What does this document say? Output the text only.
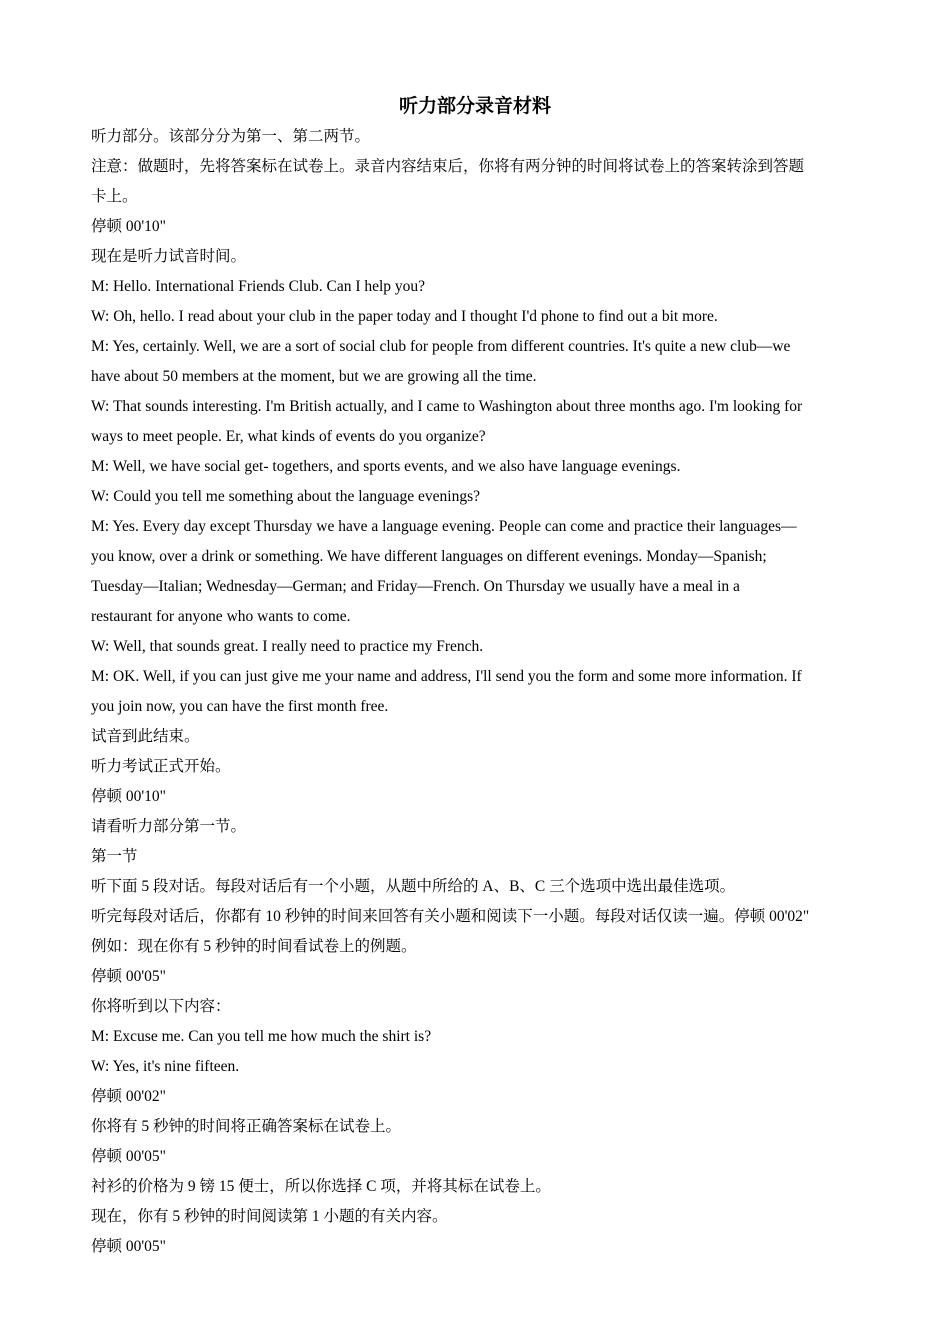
听力部分录音材料
听力部分。该部分分为第一、第二两节。
注意：做题时，先将答案标在试卷上。录音内容结束后，你将有两分钟的时间将试卷上的答案转涂到答题
卡上。
停顿 00'10"
现在是听力试音时间。
M: Hello. International Friends Club. Can I help you?
W: Oh, hello. I read about your club in the paper today and I thought I'd phone to find out a bit more.
M: Yes, certainly. Well, we are a sort of social club for people from different countries. It's quite a new club—we
have about 50 members at the moment, but we are growing all the time.
W: That sounds interesting. I'm British actually, and I came to Washington about three months ago. I'm looking for
ways to meet people. Er, what kinds of events do you organize?
M: Well, we have social get- togethers, and sports events, and we also have language evenings.
W: Could you tell me something about the language evenings?
M: Yes. Every day except Thursday we have a language evening. People can come and practice their languages—
you know, over a drink or something. We have different languages on different evenings. Monday—Spanish;
Tuesday—Italian; Wednesday—German; and Friday—French. On Thursday we usually have a meal in a
restaurant for anyone who wants to come.
W: Well, that sounds great. I really need to practice my French.
M: OK. Well, if you can just give me your name and address, I'll send you the form and some more information. If
you join now, you can have the first month free.
试音到此结束。
听力考试正式开始。
停顿 00'10"
请看听力部分第一节。
第一节
听下面 5 段对话。每段对话后有一个小题，从题中所给的 A、B、C 三个选项中选出最佳选项。
听完每段对话后，你都有 10 秒钟的时间来回答有关小题和阅读下一小题。每段对话仅读一遍。停顿 00'02"
例如：现在你有 5 秒钟的时间看试卷上的例题。
停顿 00'05"
你将听到以下内容：
M: Excuse me. Can you tell me how much the shirt is?
W: Yes, it's nine fifteen.
停顿 00'02"
你将有 5 秒钟的时间将正确答案标在试卷上。
停顿 00'05"
衬衫的价格为 9 镑 15 便士，所以你选择 C 项，并将其标在试卷上。
现在，你有 5 秒钟的时间阅读第 1 小题的有关内容。
停顿 00'05"
